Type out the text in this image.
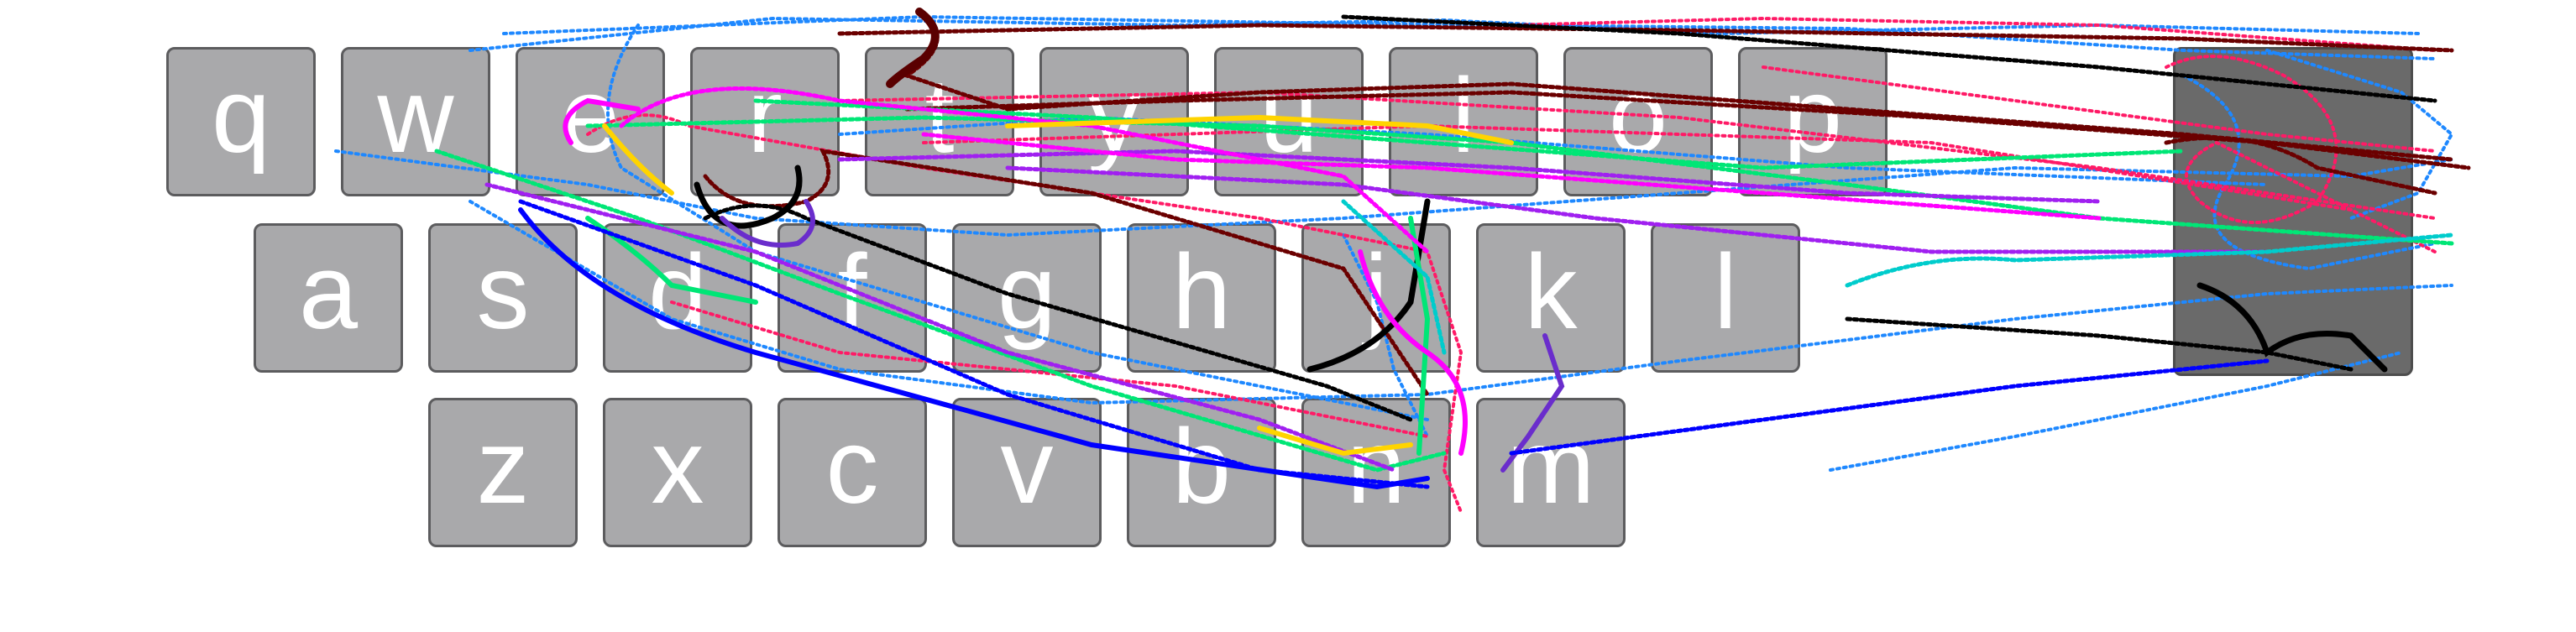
q	w	e	r	t	y	u	i	o	p
a	s	d	f	g	h	j	k	l
z	x	c	v	b	n m
